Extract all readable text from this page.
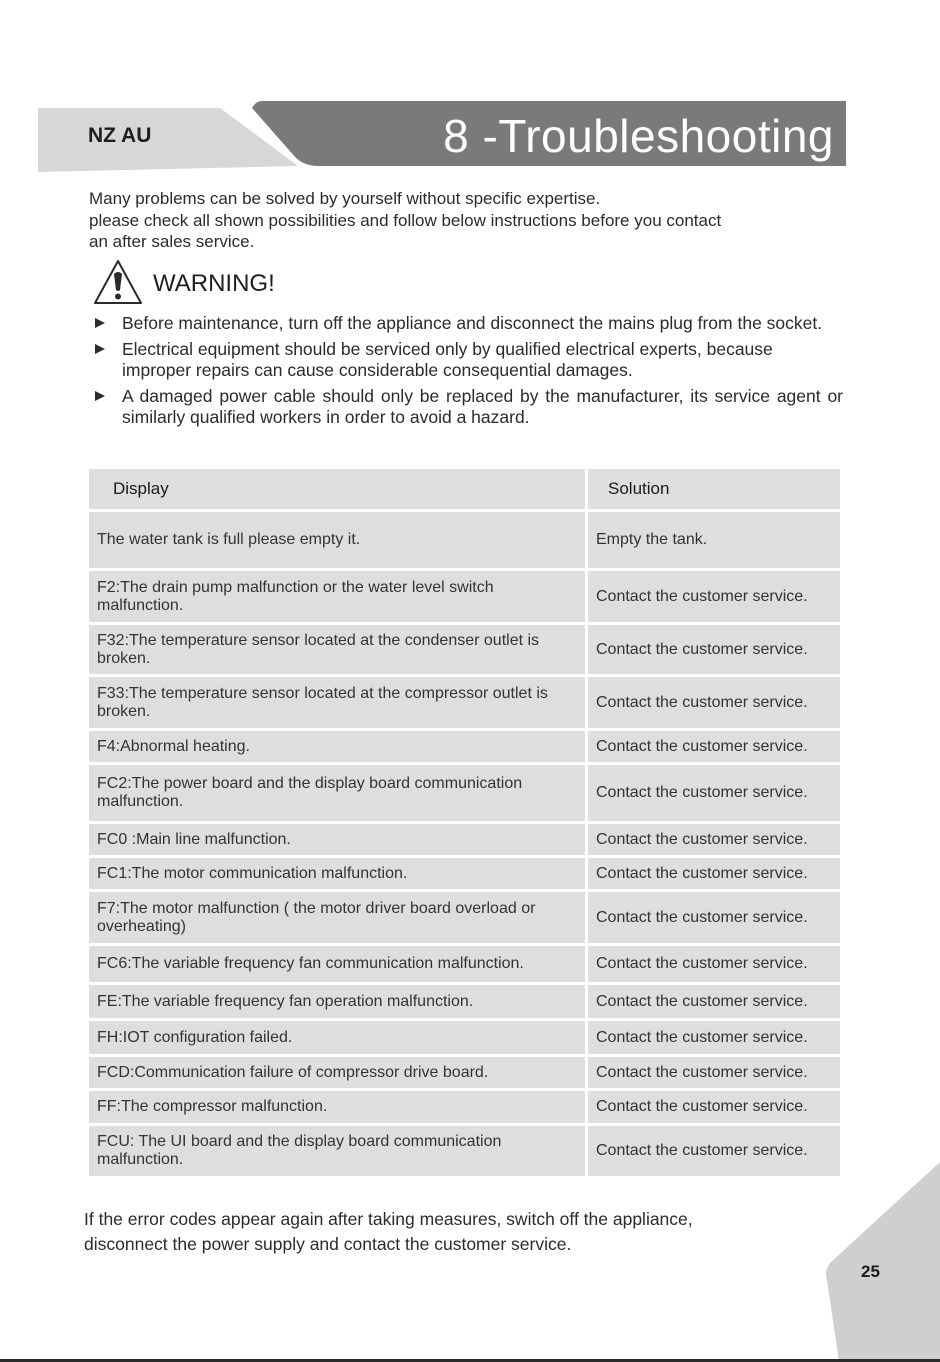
NZ AU	8 -Troubleshooting
Many problems can be solved by yourself without specific expertise.
please check all shown possibilities and follow below instructions before you contact
an after sales service.
WARNING!
Before maintenance, turn off the appliance and disconnect the mains plug from the socket.
Electrical equipment should be serviced only by qualified electrical experts, because improper repairs can cause considerable consequential damages.
A damaged power cable should only be replaced by the manufacturer, its service agent or similarly qualified workers in order to avoid a hazard.
Display	Solution
The water tank is full please empty it.	Empty the tank.
F2:The drain pump malfunction or the water level switch malfunction.	Contact the customer service.
F32:The temperature sensor located at the condenser outlet is broken.	Contact the customer service.
F33:The temperature sensor located at the compressor outlet is broken.	Contact the customer service.
F4:Abnormal heating.	Contact the customer service.
FC2:The power board and the display board communication malfunction.	Contact the customer service.
FC0 :Main line malfunction.	Contact the customer service.
FC1:The motor communication malfunction.	Contact the customer service.
F7:The motor malfunction ( the motor driver board overload or overheating)	Contact the customer service.
FC6:The variable frequency fan communication malfunction.	Contact the customer service.
FE:The variable frequency fan operation malfunction.	Contact the customer service.
FH:IOT configuration failed.	Contact the customer service.
FCD:Communication failure of compressor drive board.	Contact the customer service.
FF:The compressor malfunction.	Contact the customer service.
FCU: The UI board and the display board communication malfunction.	Contact the customer service.
If the error codes appear again after taking measures, switch off the appliance,
disconnect the power supply and contact the customer service.
25
